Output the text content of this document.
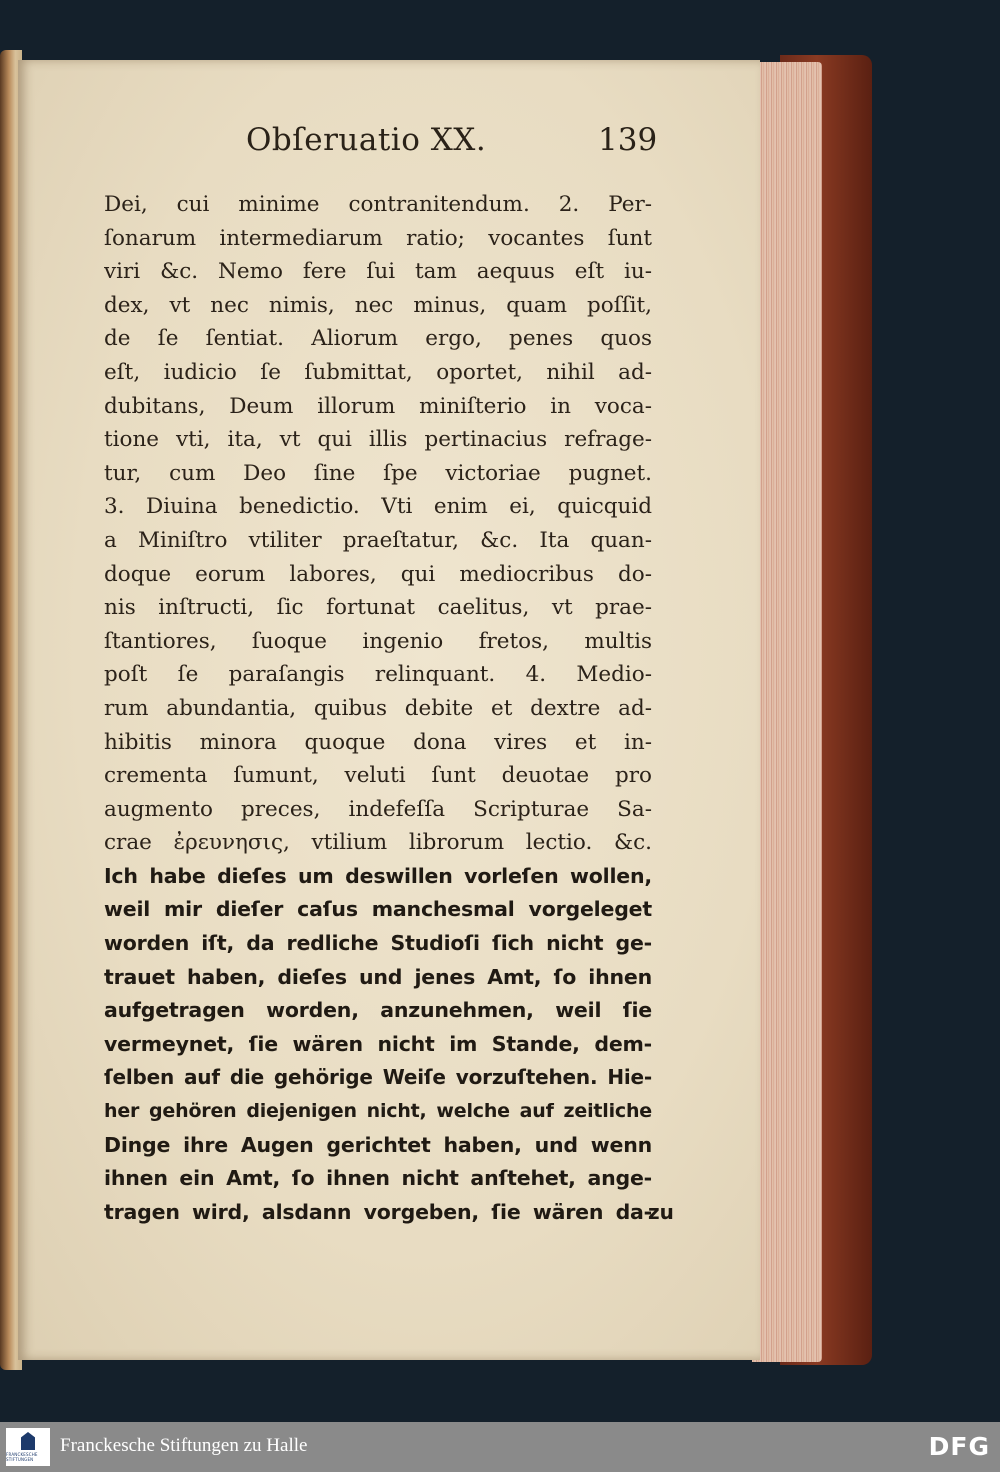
Obſeruatio XX.	139
Dei, cui minime contranitendum. 2. Per-
ſonarum intermediarum ratio; vocantes ſunt
viri &c. Nemo fere ſui tam aequus eſt iu-
dex, vt nec nimis, nec minus, quam poſſit,
de ſe ſentiat. Aliorum ergo, penes quos
eſt, iudicio ſe ſubmittat, oportet, nihil ad-
dubitans, Deum illorum miniſterio in voca-
tione vti, ita, vt qui illis pertinacius refrage-
tur, cum Deo ſine ſpe victoriae pugnet.
3. Diuina benedictio. Vti enim ei, quicquid
a Miniſtro vtiliter praeſtatur, &c. Ita quan-
doque eorum labores, qui mediocribus do-
nis inſtructi, ſic fortunat caelitus, vt prae-
ſtantiores, ſuoque ingenio fretos, multis
poſt ſe paraſangis relinquant. 4. Medio-
rum abundantia, quibus debite et dextre ad-
hibitis minora quoque dona vires et in-
crementa ſumunt, veluti ſunt deuotae pro
augmento preces, indefeſſa Scripturae Sa-
crae ἐρευνησις, vtilium librorum lectio. &c.
Ich habe dieſes um deswillen vorleſen wollen,
weil mir dieſer caſus manchesmal vorgeleget
worden iſt, da redliche Studioſi ſich nicht ge-
trauet haben, dieſes und jenes Amt, ſo ihnen
aufgetragen worden, anzunehmen, weil ſie
vermeynet, ſie wären nicht im Stande, dem-
ſelben auf die gehörige Weiſe vorzuſtehen. Hie-
her gehören diejenigen nicht, welche auf zeitliche
Dinge ihre Augen gerichtet haben, und wenn
ihnen ein Amt, ſo ihnen nicht anſtehet, ange-
tragen wird, alsdann vorgeben, ſie wären da-
zu
FRANCKESCHE STIFTUNGEN
Franckesche Stiftungen zu Halle	DFG
